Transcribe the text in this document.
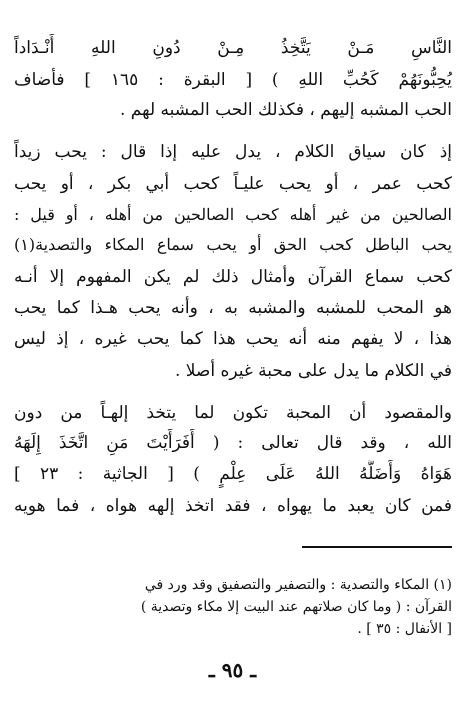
النَّاسِ مَـنْ يَتَّخِذُ مِـنْ دُونِ اللهِ أَنْـدَاداً
يُحِبُّونَهُمْ كَحُبِّ اللهِ ) [ البقرة : ١٦٥ ] فأضاف
الحب المشبه إليهم ، فكذلك الحب المشبه لهم .
إذ كان سياق الكلام ، يدل عليه إذا قال : يحب زيداً
كحب عمر ، أو يحب عليـاً كحب أبي بكر ، أو يحب
الصالحين من غير أهله كحب الصالحين من أهله ، أو قيل :
يحب الباطل كحب الحق أو يحب سماع المكاء والتصدية(١)
كحب سماع القرآن وأمثال ذلك لم يكن المفهوم إلا أنـه
هو المحب للمشبه والمشبه به ، وأنه يحب هـذا كما يحب
هذا ، لا يفهم منه أنه يحب هذا كما يحب غيره ، إذ ليس
في الكلام ما يدل على محبة غيره أصلا .
والمقصود أن المحبة تكون لما يتخذ إلهـاً من دون
الله ، وقد قال تعالى : ( أَفَرَأَيْتَ مَنِ اتَّخَذَ إِلَهَهُ
هَوَاهُ وَأَضَلَّهُ اللهُ عَلَى عِلْمٍ ) [ الجاثية : ٢٣ ]
فمن كان يعبد ما يهواه ، فقد اتخذ إلهه هواه ، فما هويه
(١) المكاء والتصدية : والتصفير والتصفيق وقد ورد في
القرآن : ( وما كان صلاتهم عند البيت إلا مكاء وتصدية )
[ الأنفال : ٣٥ ] .
ـ ٩٥ ـ
